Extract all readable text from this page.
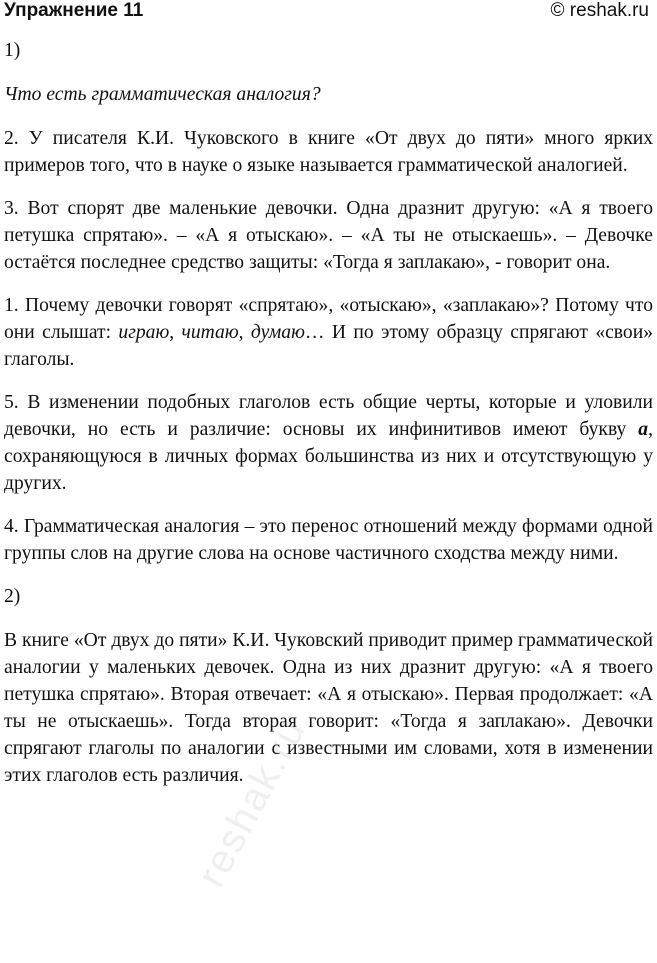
Упражнение 11	© reshak.ru

1)

Что есть грамматическая аналогия?

2. У писателя К.И. Чуковского в книге «От двух до пяти» много ярких примеров того, что в науке о языке называется грамматической аналогией.

3. Вот спорят две маленькие девочки. Одна дразнит другую: «А я твоего петушка спрятаю». – «А я отыскаю». – «А ты не отыскаешь». – Девочке остаётся последнее средство защиты: «Тогда я заплакаю», - говорит она.

1. Почему девочки говорят «спрятаю», «отыскаю», «заплакаю»? Потому что они слышат: играю, читаю, думаю… И по этому образцу спрягают «свои» глаголы.

5. В изменении подобных глаголов есть общие черты, которые и уловили девочки, но есть и различие: основы их инфинитивов имеют букву а, сохраняющуюся в личных формах большинства из них и отсутствующую у других.

4. Грамматическая аналогия – это перенос отношений между формами одной группы слов на другие слова на основе частичного сходства между ними.

2)

В книге «От двух до пяти» К.И. Чуковский приводит пример грамматической аналогии у маленьких девочек. Одна из них дразнит другую: «А я твоего петушка спрятаю». Вторая отвечает: «А я отыскаю». Первая продолжает: «А ты не отыскаешь». Тогда вторая говорит: «Тогда я заплакаю». Девочки спрягают глаголы по аналогии с известными им словами, хотя в изменении этих глаголов есть различия.

reshak.ru
